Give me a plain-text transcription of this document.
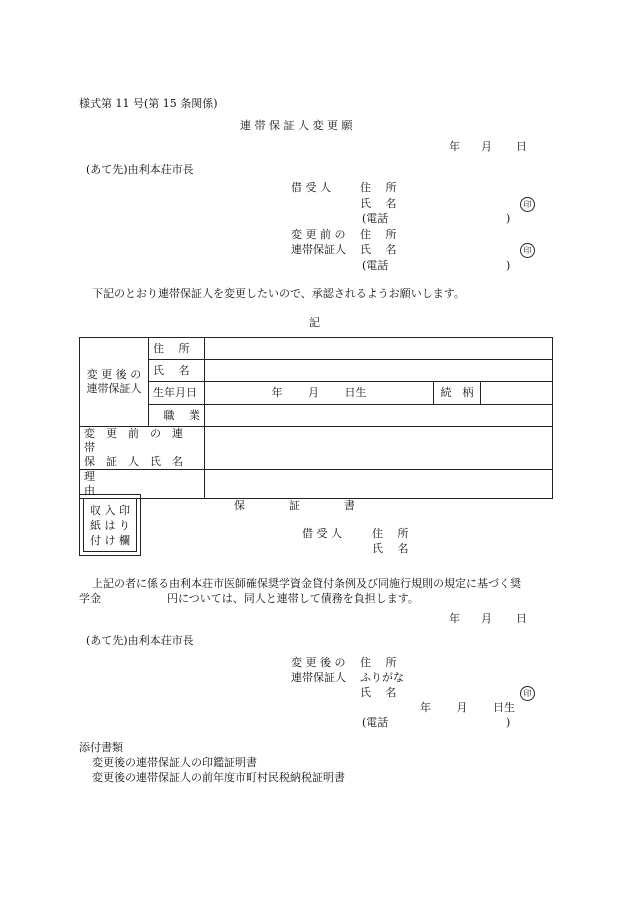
様式第 11 号(第 15 条関係)
連 帯 保 証 人 変 更 願
年 月 日
(あて先)由利本荘市長
借 受 人	住　 所
氏　 名	印
(電話	)
変 更 前 の 住　 所
連帯保証人 氏　 名	印
(電話	)
下記のとおり連帯保証人を変更したいので、承認されるようお願いします。
記
変 更 後 の
連帯保証人	住　 所			
	氏　 名			
	生年月日	年　　 月　　 日生	続　柄	
	職　 業			

変　更　前　の　連　帯
保　証　人　氏　名				

理　　　　　　　　　由				
収 入 印
紙 は り
付 け 欄
保　　　　証　　　　書
借 受 人	住　 所
氏　 名
上記の者に係る由利本荘市医師確保奨学資金貸付条例及び同施行規則の規定に基づく奨
学金　　　　　　円については、同人と連帯して債務を負担します。
年 月 日
(あて先)由利本荘市長
変 更 後 の 住　 所
連帯保証人 ふりがな
氏　 名	印
年　　 月　　 日生
(電話	)
添付書類
変更後の連帯保証人の印鑑証明書
変更後の連帯保証人の前年度市町村民税納税証明書
